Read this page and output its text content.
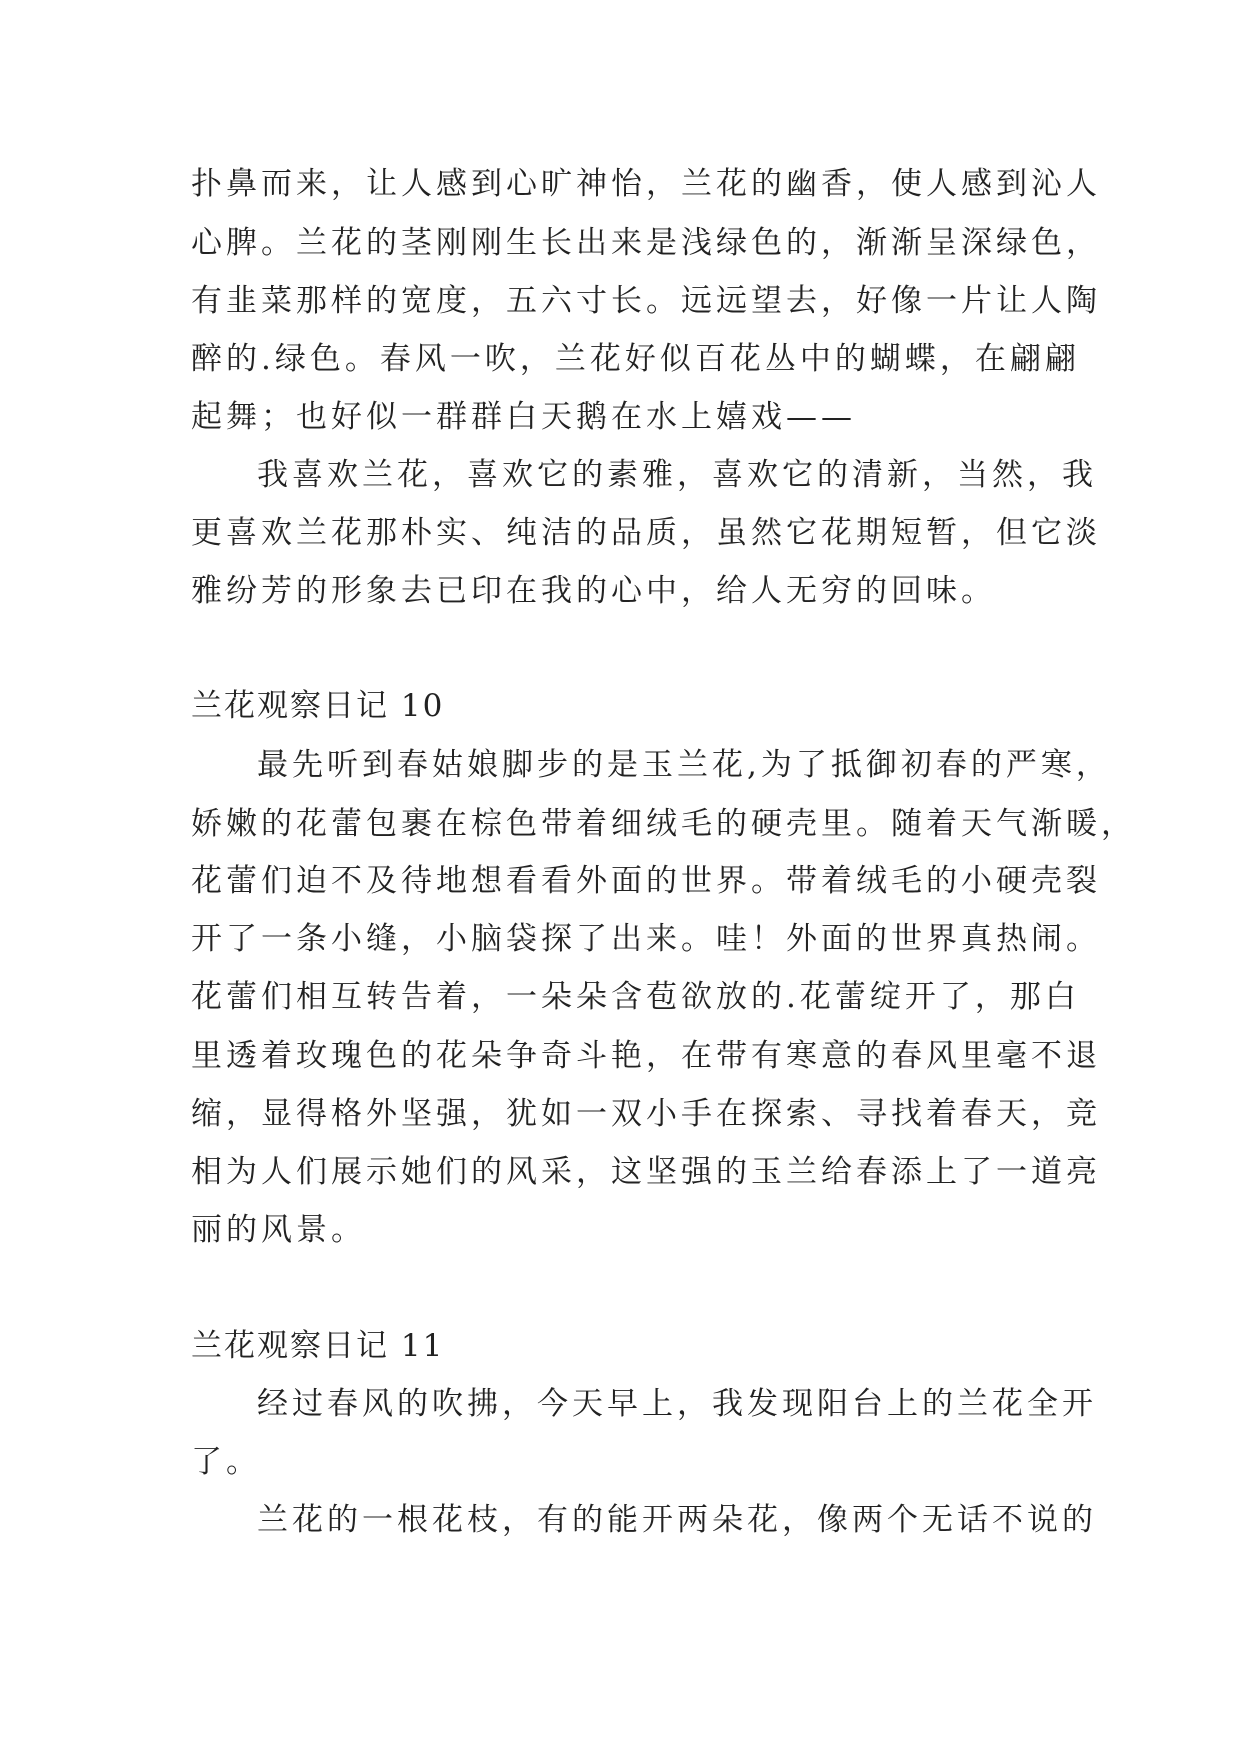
扑鼻而来，让人感到心旷神怡，兰花的幽香，使人感到沁人
心脾。兰花的茎刚刚生长出来是浅绿色的，渐渐呈深绿色，
有韭菜那样的宽度，五六寸长。远远望去，好像一片让人陶
醉的.绿色。春风一吹，兰花好似百花丛中的蝴蝶，在翩翩
起舞；也好似一群群白天鹅在水上嬉戏——
我喜欢兰花，喜欢它的素雅，喜欢它的清新，当然，我
更喜欢兰花那朴实、纯洁的品质，虽然它花期短暂，但它淡
雅纷芳的形象去已印在我的心中，给人无穷的回味。
兰花观察日记 10
最先听到春姑娘脚步的是玉兰花,为了抵御初春的严寒，
娇嫩的花蕾包裹在棕色带着细绒毛的硬壳里。随着天气渐暖，
花蕾们迫不及待地想看看外面的世界。带着绒毛的小硬壳裂
开了一条小缝，小脑袋探了出来。哇！外面的世界真热闹。
花蕾们相互转告着，一朵朵含苞欲放的.花蕾绽开了，那白
里透着玫瑰色的花朵争奇斗艳，在带有寒意的春风里毫不退
缩，显得格外坚强，犹如一双小手在探索、寻找着春天，竞
相为人们展示她们的风采，这坚强的玉兰给春添上了一道亮
丽的风景。
兰花观察日记 11
经过春风的吹拂，今天早上，我发现阳台上的兰花全开
了。
兰花的一根花枝，有的能开两朵花，像两个无话不说的
